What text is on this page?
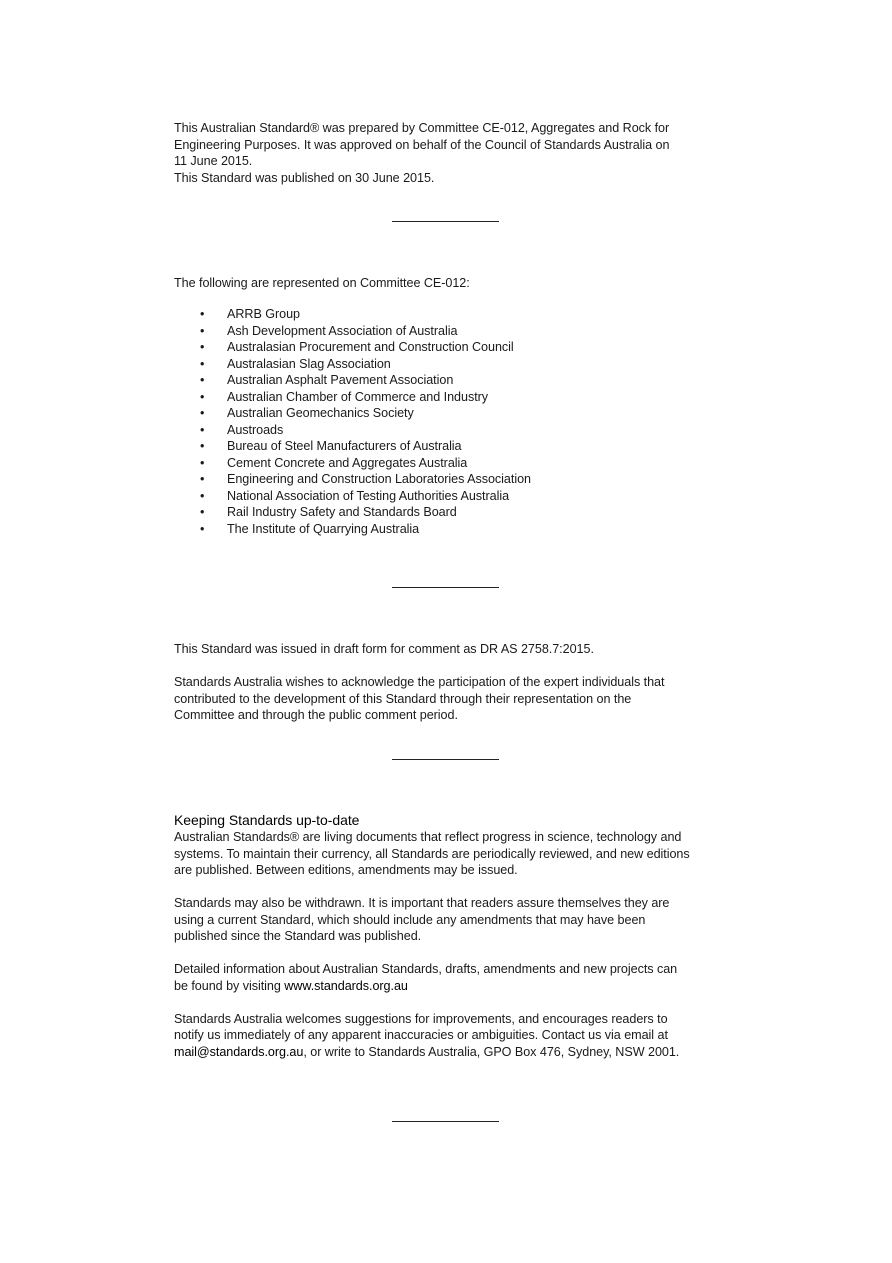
This Australian Standard® was prepared by Committee CE-012, Aggregates and Rock for

Engineering Purposes. It was approved on behalf of the Council of Standards Australia on

11 June 2015.

This Standard was published on 30 June 2015.

The following are represented on Committee CE-012:

• ARRB Group
• Ash Development Association of Australia
• Australasian Procurement and Construction Council
• Australasian Slag Association
• Australian Asphalt Pavement Association
• Australian Chamber of Commerce and Industry
• Australian Geomechanics Society
• Austroads
• Bureau of Steel Manufacturers of Australia
• Cement Concrete and Aggregates Australia
• Engineering and Construction Laboratories Association
• National Association of Testing Authorities Australia
• Rail Industry Safety and Standards Board
• The Institute of Quarrying Australia

This Standard was issued in draft form for comment as DR AS 2758.7:2015.

Standards Australia wishes to acknowledge the participation of the expert individuals that

contributed to the development of this Standard through their representation on the

Committee and through the public comment period.

Keeping Standards up-to-date

Australian Standards® are living documents that reflect progress in science, technology and

systems. To maintain their currency, all Standards are periodically reviewed, and new editions

are published. Between editions, amendments may be issued.

Standards may also be withdrawn. It is important that readers assure themselves they are

using a current Standard, which should include any amendments that may have been

published since the Standard was published.

Detailed information about Australian Standards, drafts, amendments and new projects can

be found by visiting www.standards.org.au

Standards Australia welcomes suggestions for improvements, and encourages readers to

notify us immediately of any apparent inaccuracies or ambiguities. Contact us via email at

mail@standards.org.au, or write to Standards Australia, GPO Box 476, Sydney, NSW 2001.
